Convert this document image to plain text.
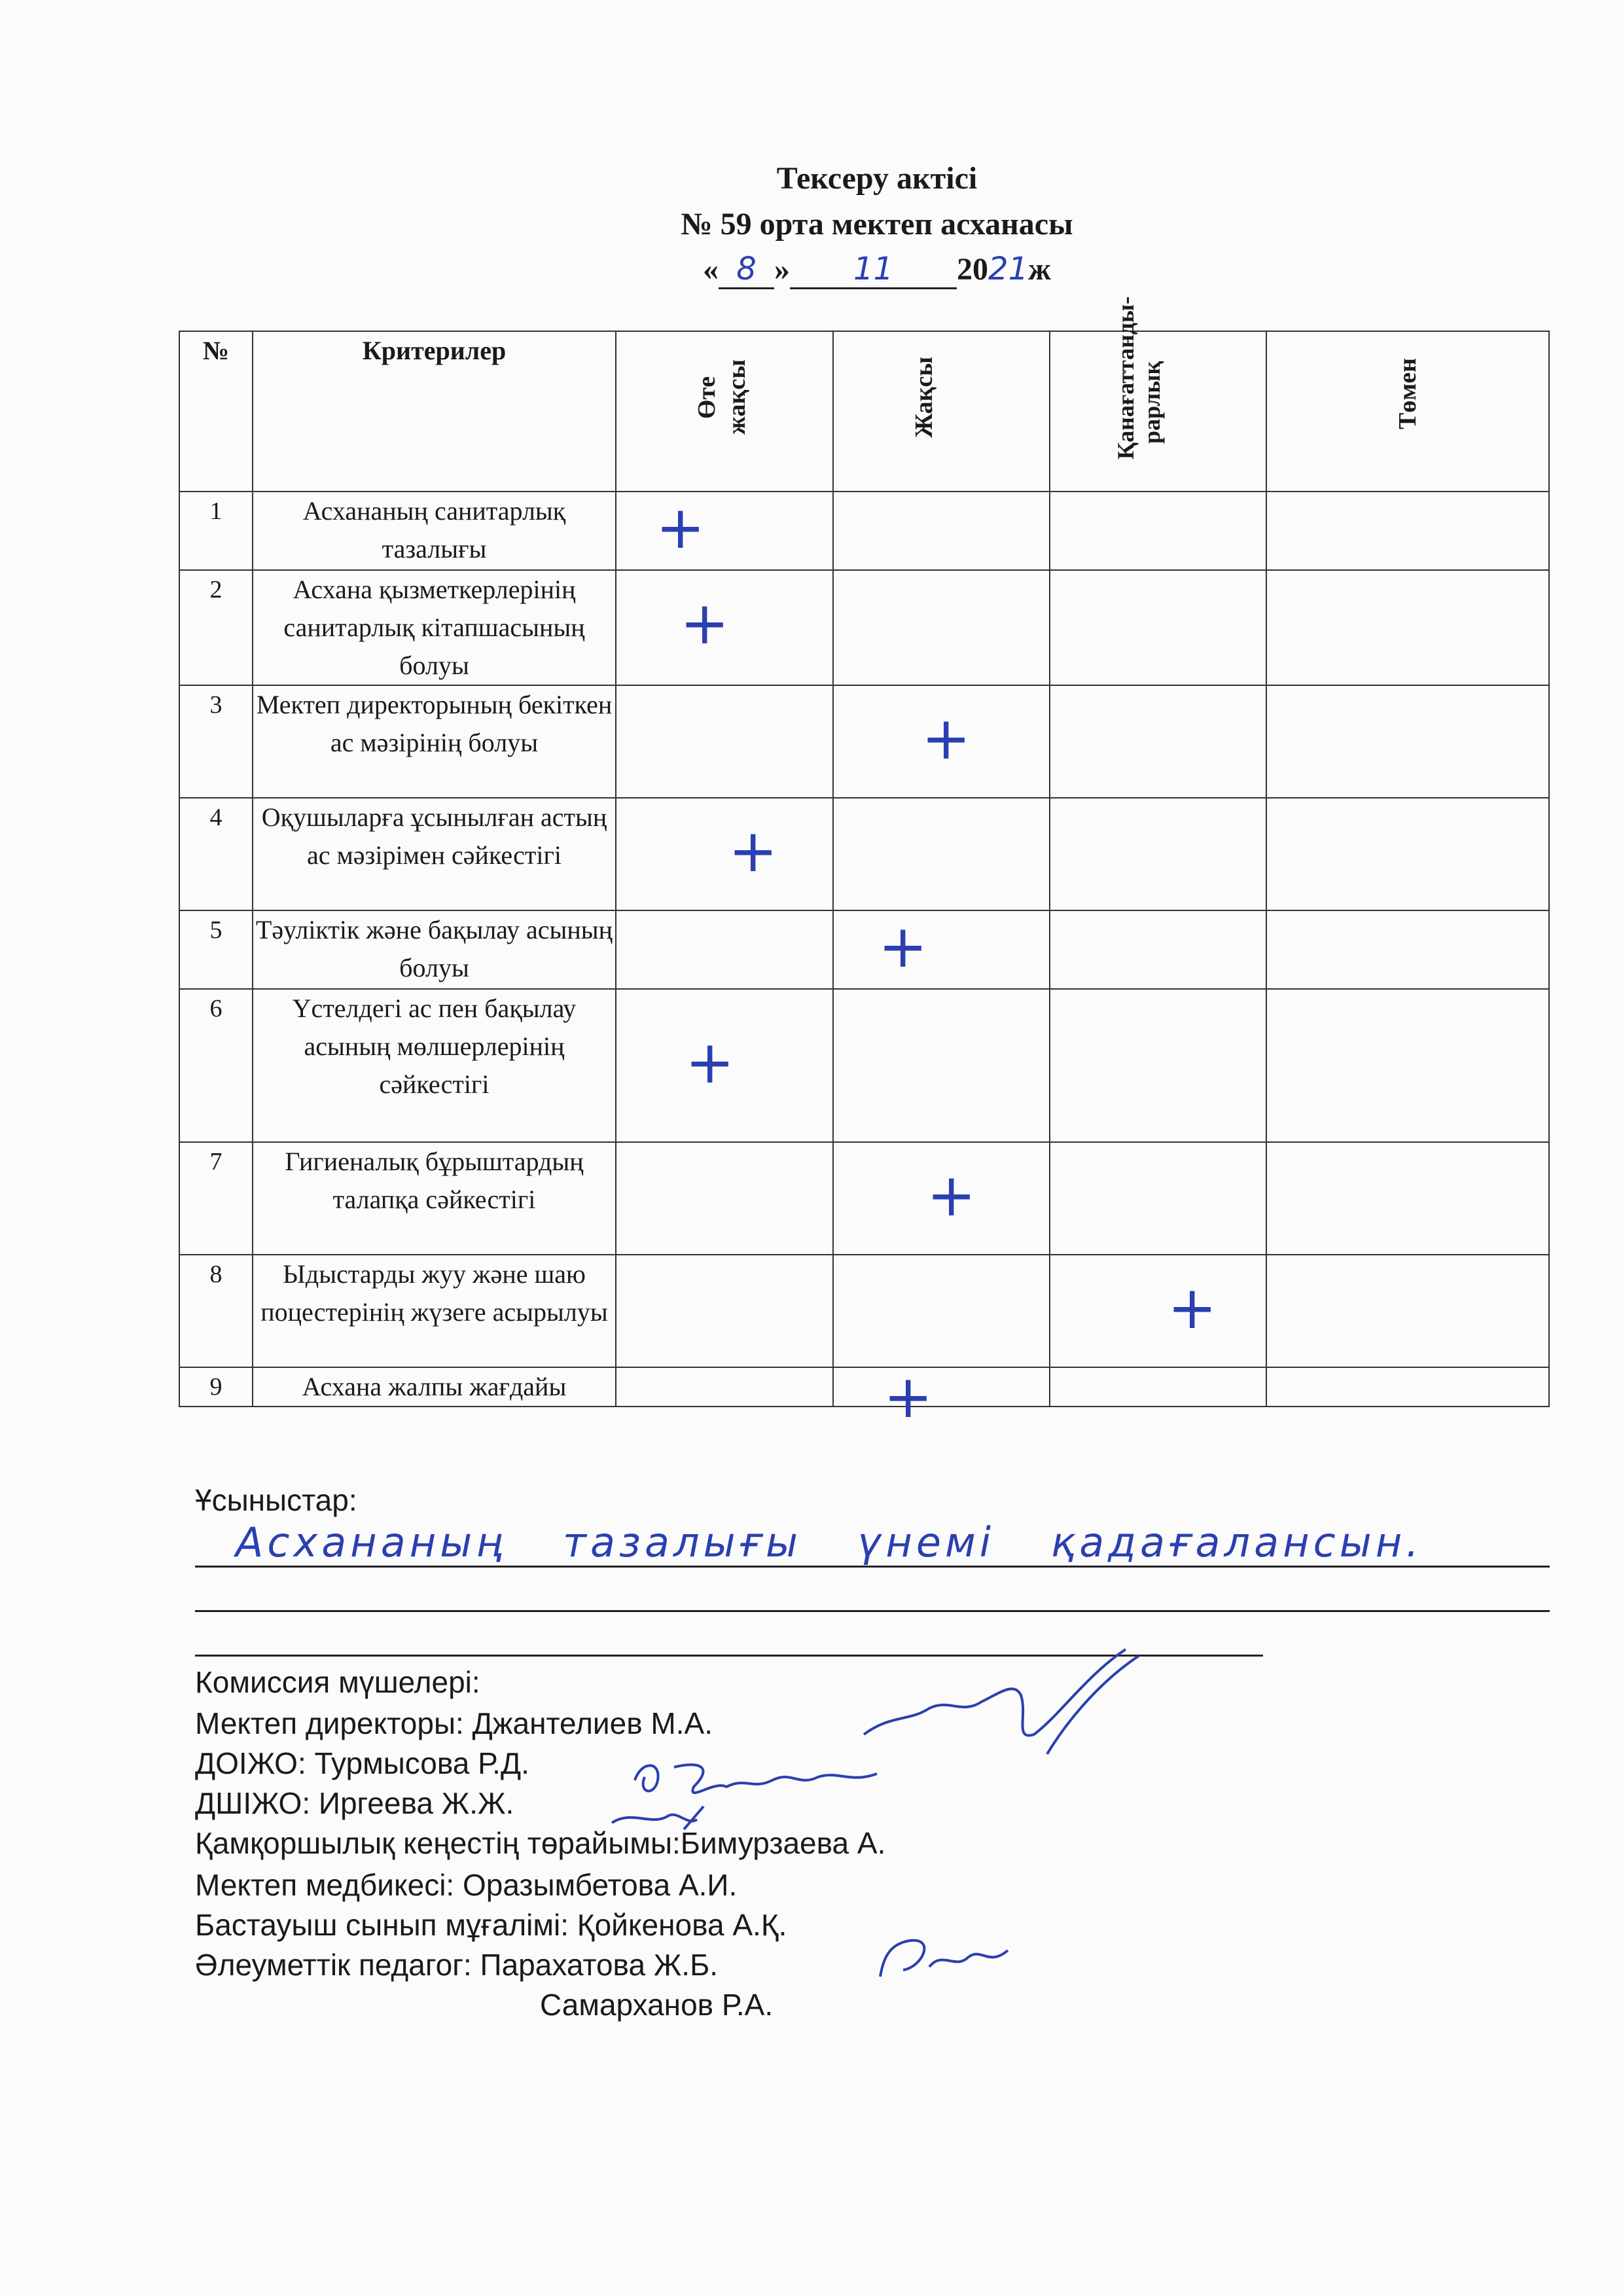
Тексеру актісі
№ 59 орта мектеп асханасы
« 8 » 11 2021ж
№	Критерилер	Өте жақсы	Жақсы	Қанағаттандырарлық	Төмен
1	Асхананың санитарлық тазалығы	+			

2	Асхана қызметкерлерінің санитарлық кітапшасының болуы	+			

3	Мектеп директорының бекіткен ас мәзірінің болуы		+		

4	Оқушыларға ұсынылған астың ас мәзірімен сәйкестігі	+			

5	Тәуліктік және бақылау асының болуы		+		

6	Үстелдегі ас пен бақылау асының мөлшерлерінің сәйкестігі	+			

7	Гигиеналық бұрыштардың талапқа сәйкестігі		+		

8	Ыдыстарды жуу және шаю поцестерінің жүзеге асырылуы			+	

9	Асхана жалпы жағдайы		+		

Ұсыныстар:
Асхананың тазалығы үнемі қадағалансын.
Комиссия мүшелері:
Мектеп директоры: Джантелиев М.А.
ДОІЖО: Турмысова Р.Д.
ДШІЖО: Иргеева Ж.Ж.
Қамқоршылық кеңестің төрайымы:Бимурзаева А.
Мектеп медбикесі: Оразымбетова А.И.
Бастауыш сынып мұғалімі: Қойкенова А.Қ.
Әлеуметтік педагог: Парахатова Ж.Б.
Самарханов Р.А.
